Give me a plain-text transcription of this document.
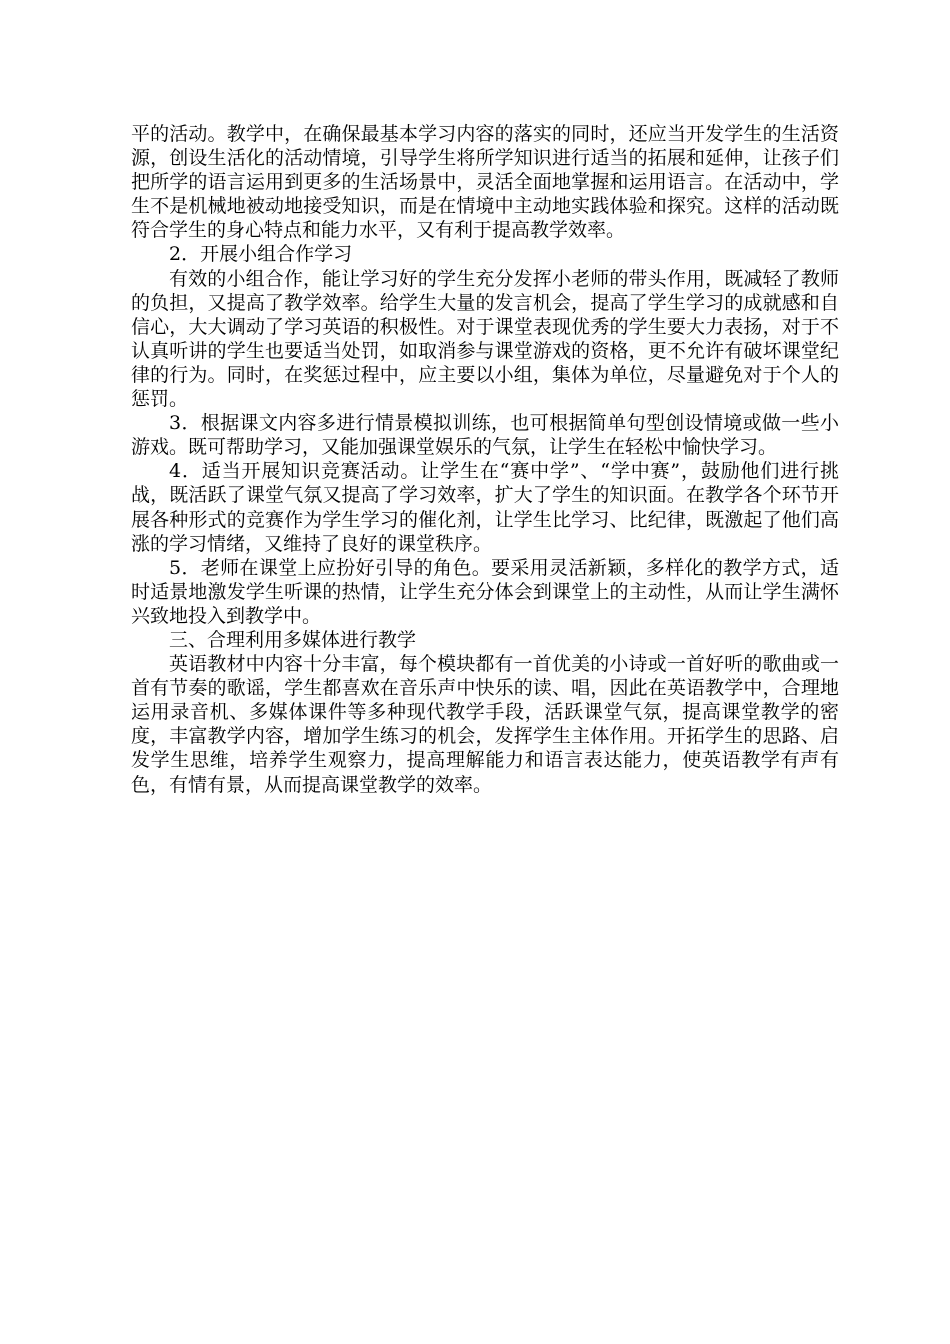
平的活动。教学中，在确保最基本学习内容的落实的同时，还应当开发学生的生活资源，创设生活化的活动情境，引导学生将所学知识进行适当的拓展和延伸，让孩子们把所学的语言运用到更多的生活场景中，灵活全面地掌握和运用语言。在活动中，学生不是机械地被动地接受知识，而是在情境中主动地实践体验和探究。这样的活动既符合学生的身心特点和能力水平，又有利于提高教学效率。

2．开展小组合作学习

有效的小组合作，能让学习好的学生充分发挥小老师的带头作用，既减轻了教师的负担，又提高了教学效率。给学生大量的发言机会，提高了学生学习的成就感和自信心，大大调动了学习英语的积极性。对于课堂表现优秀的学生要大力表扬，对于不认真听讲的学生也要适当处罚，如取消参与课堂游戏的资格，更不允许有破坏课堂纪律的行为。同时，在奖惩过程中，应主要以小组，集体为单位，尽量避免对于个人的惩罚。

3．根据课文内容多进行情景模拟训练，也可根据简单句型创设情境或做一些小游戏。既可帮助学习，又能加强课堂娱乐的气氛，让学生在轻松中愉快学习。

4．适当开展知识竞赛活动。让学生在“赛中学”、“学中赛”，鼓励他们进行挑战，既活跃了课堂气氛又提高了学习效率，扩大了学生的知识面。在教学各个环节开展各种形式的竞赛作为学生学习的催化剂，让学生比学习、比纪律，既激起了他们高涨的学习情绪，又维持了良好的课堂秩序。

5．老师在课堂上应扮好引导的角色。要采用灵活新颖，多样化的教学方式，适时适景地激发学生听课的热情，让学生充分体会到课堂上的主动性，从而让学生满怀兴致地投入到教学中。

三、合理利用多媒体进行教学

英语教材中内容十分丰富，每个模块都有一首优美的小诗或一首好听的歌曲或一首有节奏的歌谣，学生都喜欢在音乐声中快乐的读、唱，因此在英语教学中，合理地运用录音机、多媒体课件等多种现代教学手段，活跃课堂气氛，提高课堂教学的密度，丰富教学内容，增加学生练习的机会，发挥学生主体作用。开拓学生的思路、启发学生思维，培养学生观察力，提高理解能力和语言表达能力，使英语教学有声有色，有情有景，从而提高课堂教学的效率。
